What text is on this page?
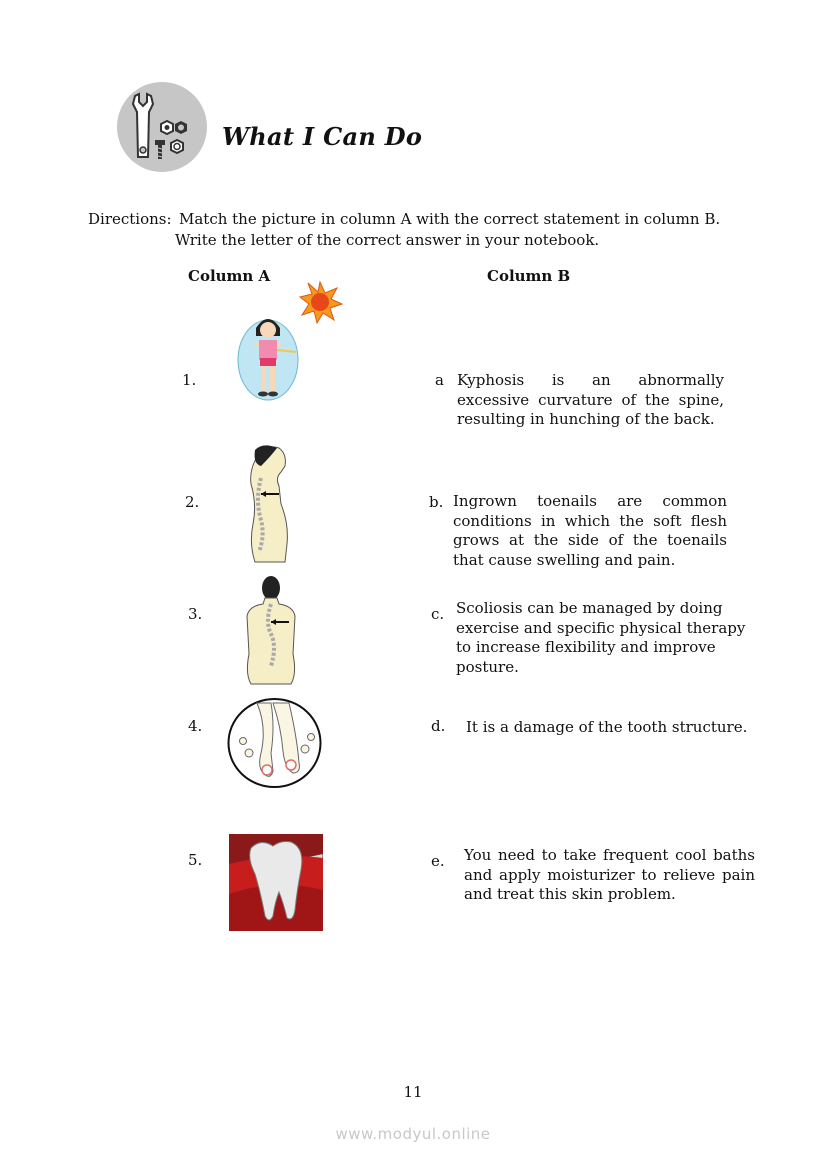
What I Can Do
Directions: Match the picture in column A with the correct statement in column B.
Write the letter of the correct answer in your notebook.
Column A	Column B
1.
2.
3.
4.
5.
a Kyphosis is an abnormally excessive curvature of the spine, resulting in hunching of the back.
b. Ingrown toenails are common conditions in which the soft flesh grows at the side of the toenails that cause swelling and pain.
c. Scoliosis can be managed by doing exercise and specific physical therapy to increase flexibility and improve posture.
d. It is a damage of the tooth structure.
e. You need to take frequent cool baths and apply moisturizer to relieve pain and treat this skin problem.
11
www.modyul.online
